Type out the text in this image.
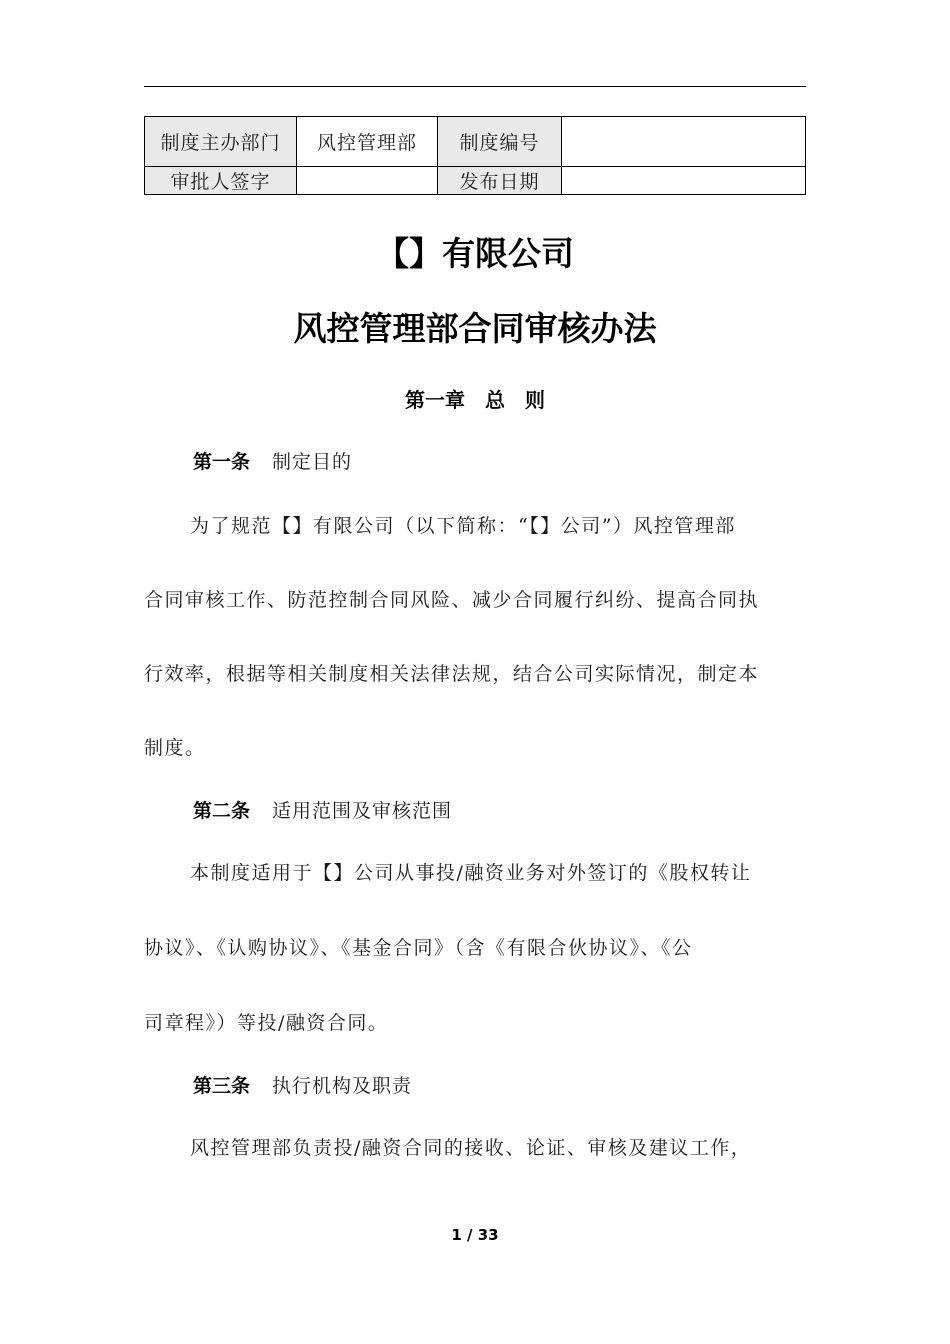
制度主办部门	风控管理部	制度编号	
审批人签字		发布日期	
【】有限公司
风控管理部合同审核办法
第一章　总　则
第一条 制定目的
为了规范【】有限公司（以下简称：“【】公司”）风控管理部
合同审核工作、防范控制合同风险、减少合同履行纠纷、提高合同执
行效率，根据等相关制度相关法律法规，结合公司实际情况，制定本
制度。
第二条 适用范围及审核范围
本制度适用于【】公司从事投/融资业务对外签订的《股权转让
协议》、《认购协议》、《基金合同》（含《有限合伙协议》、《公
司章程》）等投/融资合同。
第三条 执行机构及职责
风控管理部负责投/融资合同的接收、论证、审核及建议工作，
1 / 33
